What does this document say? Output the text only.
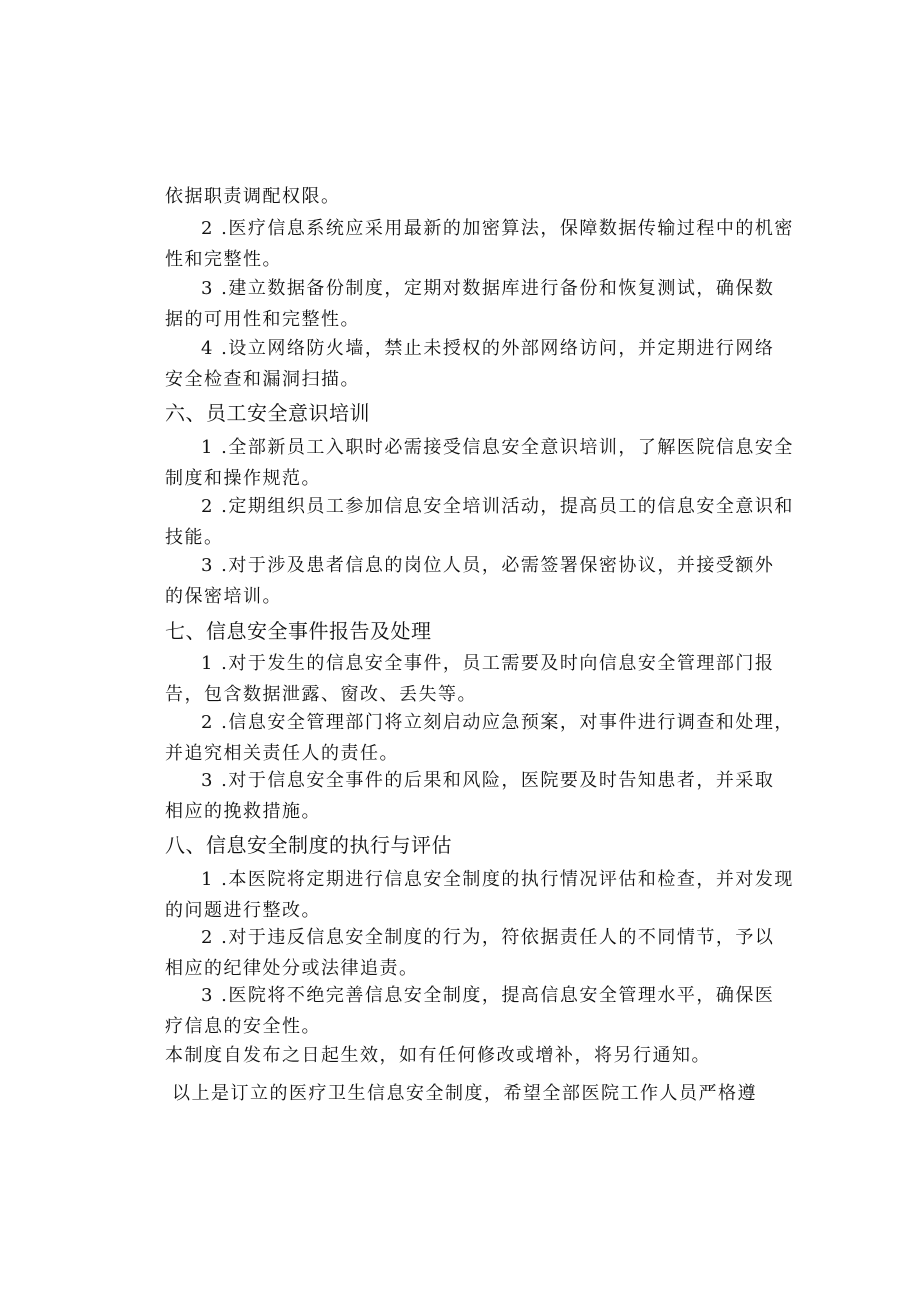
依据职责调配权限。
2 .医疗信息系统应采用最新的加密算法，保障数据传输过程中的机密
性和完整性。
3 .建立数据备份制度，定期对数据库进行备份和恢复测试，确保数
据的可用性和完整性。
4 .设立网络防火墙，禁止未授权的外部网络访问，并定期进行网络
安全检查和漏洞扫描。
六、员工安全意识培训
1 .全部新员工入职时必需接受信息安全意识培训，了解医院信息安全
制度和操作规范。
2 .定期组织员工参加信息安全培训活动，提高员工的信息安全意识和
技能。
3 .对于涉及患者信息的岗位人员，必需签署保密协议，并接受额外
的保密培训。
七、信息安全事件报告及处理
1 .对于发生的信息安全事件，员工需要及时向信息安全管理部门报
告，包含数据泄露、窗改、丢失等。
2 .信息安全管理部门将立刻启动应急预案，对事件进行调查和处理，
并追究相关责任人的责任。
3 .对于信息安全事件的后果和风险，医院要及时告知患者，并采取
相应的挽救措施。
八、信息安全制度的执行与评估
1 .本医院将定期进行信息安全制度的执行情况评估和检查，并对发现
的问题进行整改。
2 .对于违反信息安全制度的行为，符依据责任人的不同情节，予以
相应的纪律处分或法律追责。
3 .医院将不绝完善信息安全制度，提高信息安全管理水平，确保医
疗信息的安全性。
本制度自发布之日起生效，如有任何修改或增补，将另行通知。
以上是订立的医疗卫生信息安全制度，希望全部医院工作人员严格遵
